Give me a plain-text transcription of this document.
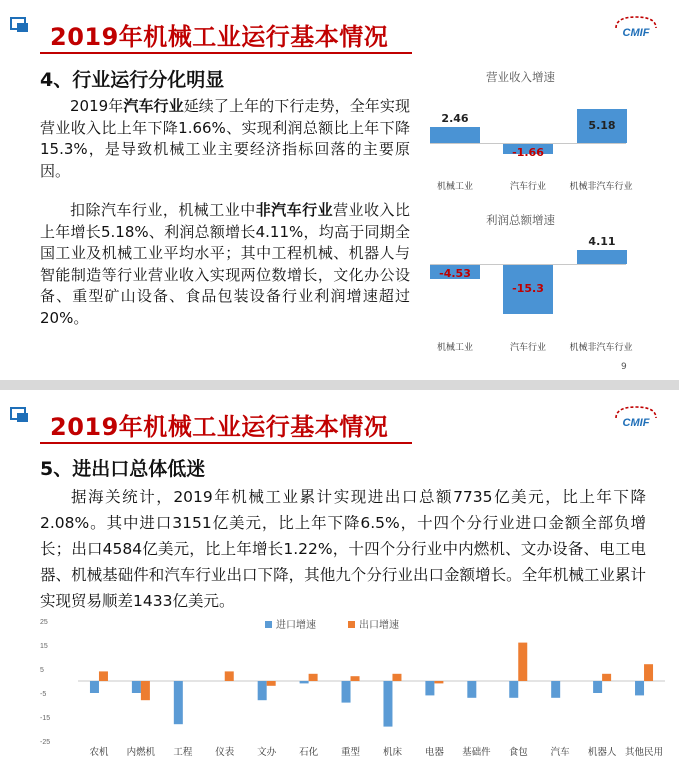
2019年机械工业运行基本情况	CMIF
4、行业运行分化明显

2019年汽车行业延续了上年的下行走势，全年实现营业收入比上年下降1.66%、实现利润总额比上年下降15.3%，是导致机械工业主要经济指标回落的主要原因。

扣除汽车行业，机械工业中非汽车行业营业收入比上年增长5.18%、利润总额增长4.11%，均高于同期全国工业及机械工业平均水平；其中工程机械、机器人与智能制造等行业营业收入实现两位数增长，文化办公设备、重型矿山设备、食品包装设备行业利润增速超过20%。

营业收入增速
2.46
-1.66
5.18
机械工业	汽车行业	机械非汽车行业
利润总额增速
-4.53
-15.3
4.11
机械工业	汽车行业	机械非汽车行业
9
2019年机械工业运行基本情况	CMIF
5、进出口总体低迷

据海关统计，2019年机械工业累计实现进出口总额7735亿美元，比上年下降2.08%。其中进口3151亿美元，比上年下降6.5%，十四个分行业进口金额全部负增长；出口4584亿美元，比上年增长1.22%，十四个分行业中内燃机、文办设备、电工电器、机械基础件和汽车行业出口下降，其他九个分行业出口金额增长。全年机械工业累计实现贸易顺差1433亿美元。

25
15
5
-5
-15
-25
进口增速	出口增速
农机 内燃机 工程 仪表 文办 石化 重型 机床 电器 基础件 食包 汽车 机器人 其他民用
